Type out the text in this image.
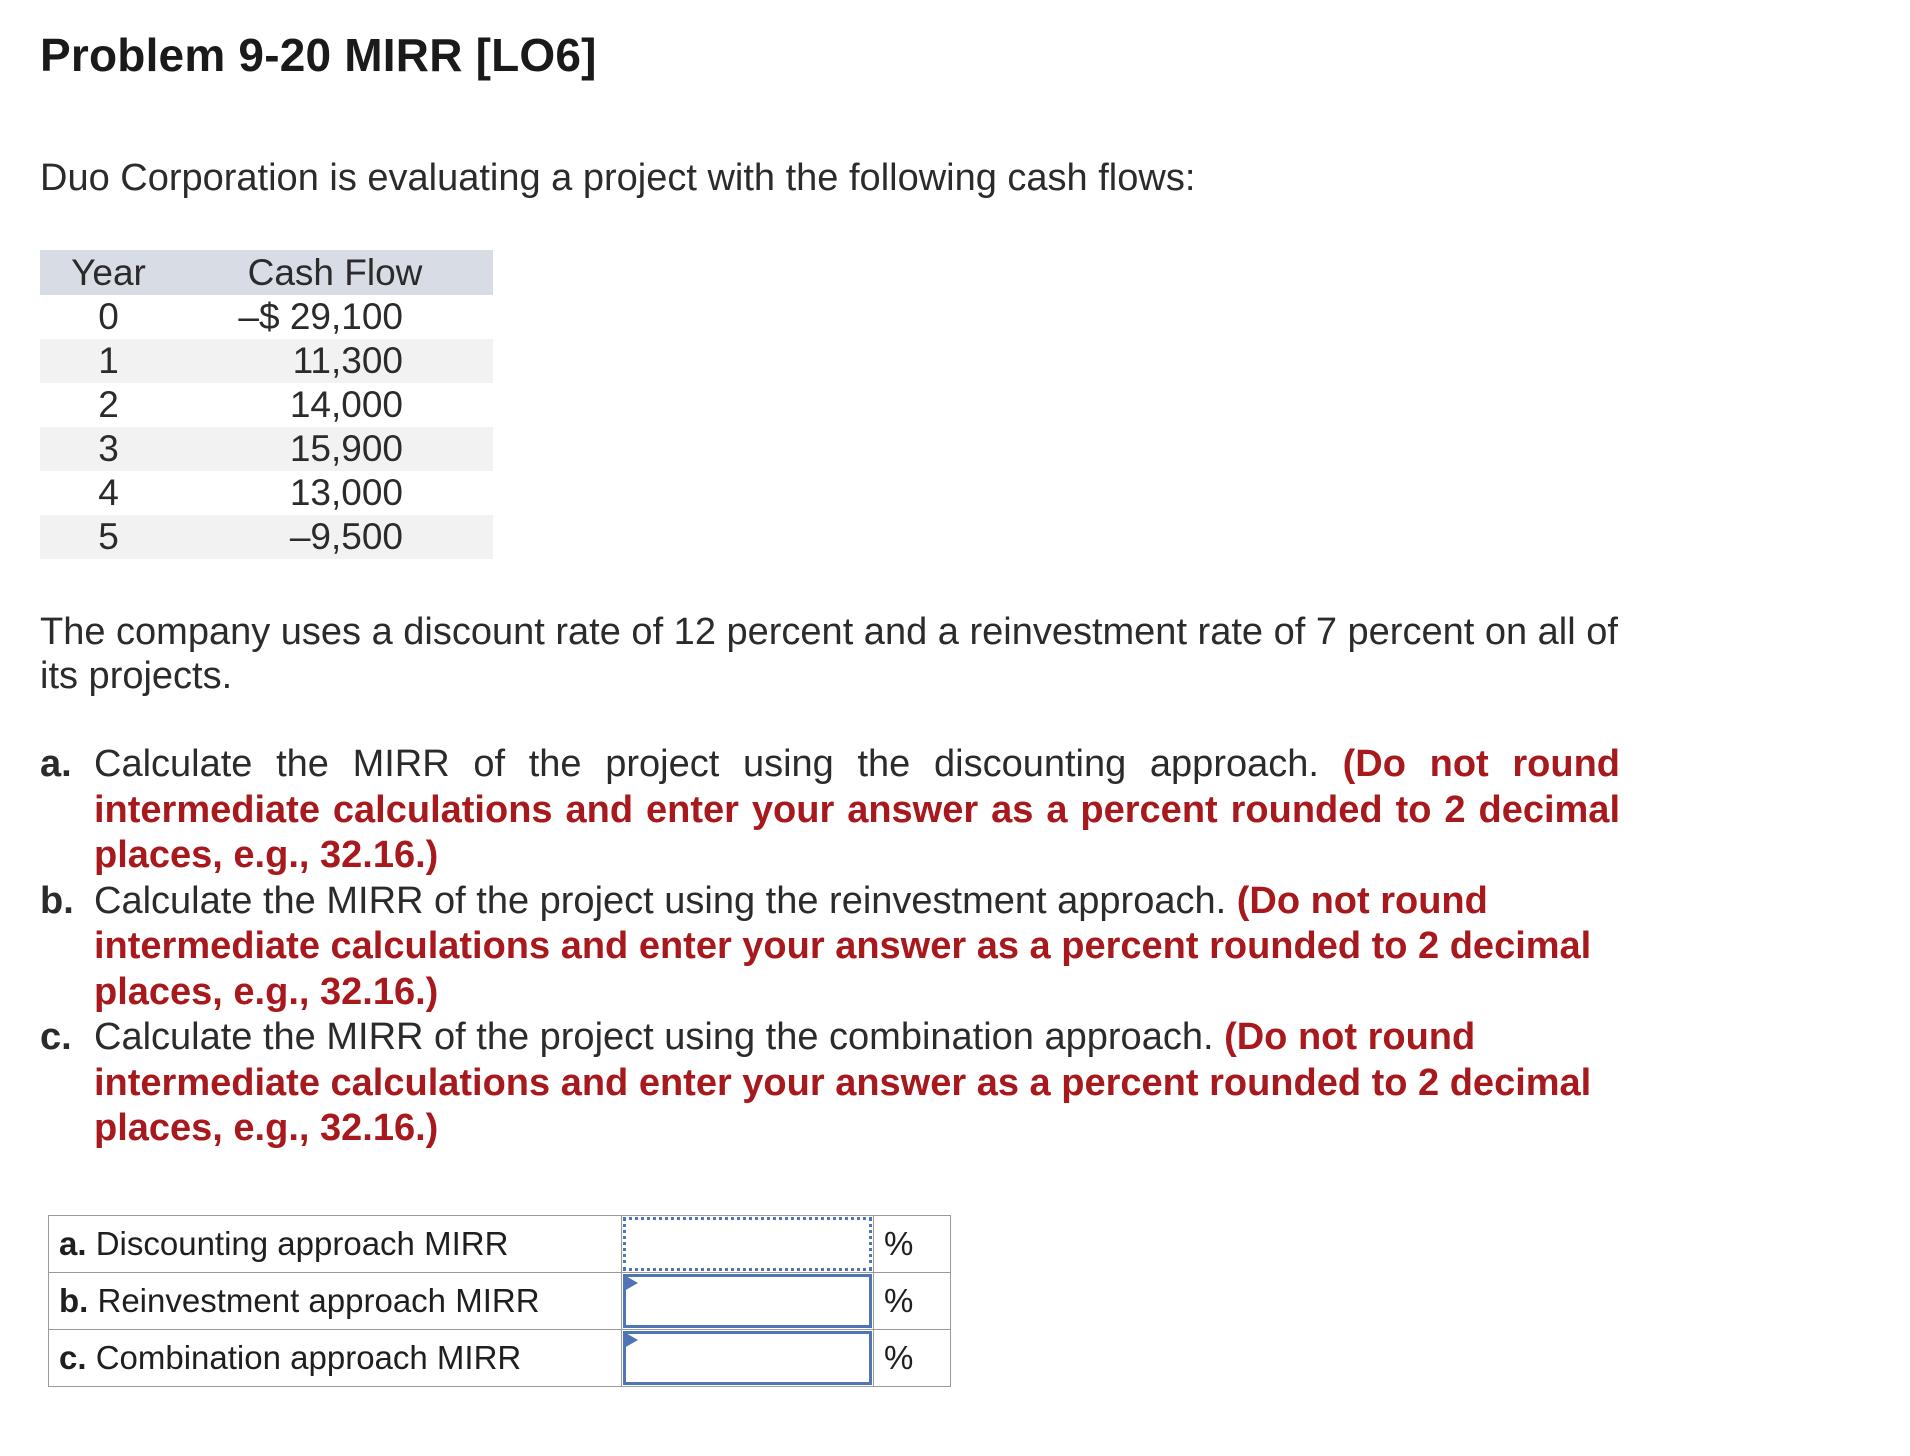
Problem 9-20 MIRR [LO6]
Duo Corporation is evaluating a project with the following cash flows:
Year	Cash Flow
0	–$ 29,100
1	11,300
2	14,000
3	15,900
4	13,000
5	–9,500
The company uses a discount rate of 12 percent and a reinvestment rate of 7 percent on all of its projects.
a. Calculate the MIRR of the project using the discounting approach. (Do not round intermediate calculations and enter your answer as a percent rounded to 2 decimal places, e.g., 32.16.)
b. Calculate the MIRR of the project using the reinvestment approach. (Do not round intermediate calculations and enter your answer as a percent rounded to 2 decimal places, e.g., 32.16.)
c. Calculate the MIRR of the project using the combination approach. (Do not round intermediate calculations and enter your answer as a percent rounded to 2 decimal places, e.g., 32.16.)
a. Discounting approach MIRR		%
b. Reinvestment approach MIRR		%
c. Combination approach MIRR		%
